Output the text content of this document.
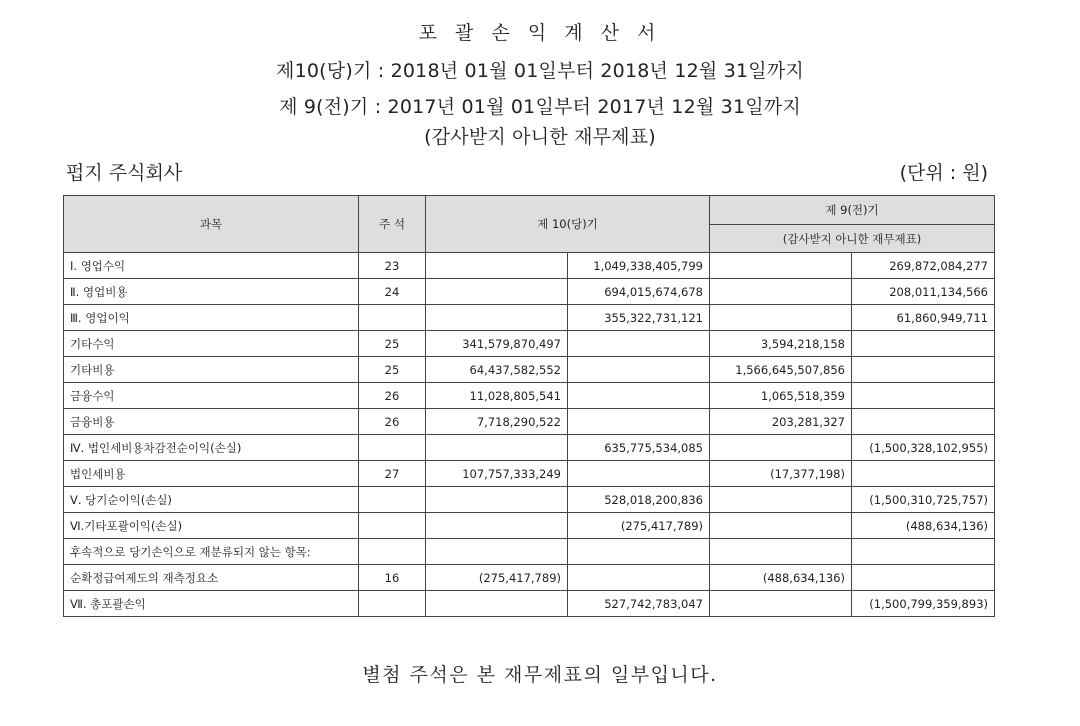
포 괄 손 익 계 산 서
제10(당)기 : 2018년 01월 01일부터 2018년 12월 31일까지
제 9(전)기 : 2017년 01월 01일부터 2017년 12월 31일까지
(감사받지 아니한 재무제표)
펍지 주식회사	(단위 : 원)
과목	주 석	제 10(당)기		제 9(전)기	
				(감사받지 아니한 재무제표)	
Ⅰ. 영업수익	23		1,049,338,405,799		269,872,084,277
Ⅱ. 영업비용	24		694,015,674,678		208,011,134,566
Ⅲ. 영업이익			355,322,731,121		61,860,949,711
기타수익	25	341,579,870,497		3,594,218,158	
기타비용	25	64,437,582,552		1,566,645,507,856	
금융수익	26	11,028,805,541		1,065,518,359	
금융비용	26	7,718,290,522		203,281,327	
Ⅳ. 법인세비용차감전순이익(손실)			635,775,534,085		(1,500,328,102,955)
법인세비용	27	107,757,333,249		(17,377,198)	
Ⅴ. 당기순이익(손실)			528,018,200,836		(1,500,310,725,757)
Ⅵ.기타포괄이익(손실)			(275,417,789)		(488,634,136)
후속적으로 당기손익으로 재분류되지 않는 항목:					
순확정급여제도의 재측정요소	16	(275,417,789)		(488,634,136)	
Ⅶ. 총포괄손익			527,742,783,047		(1,500,799,359,893)
별첨 주석은 본 재무제표의 일부입니다.
